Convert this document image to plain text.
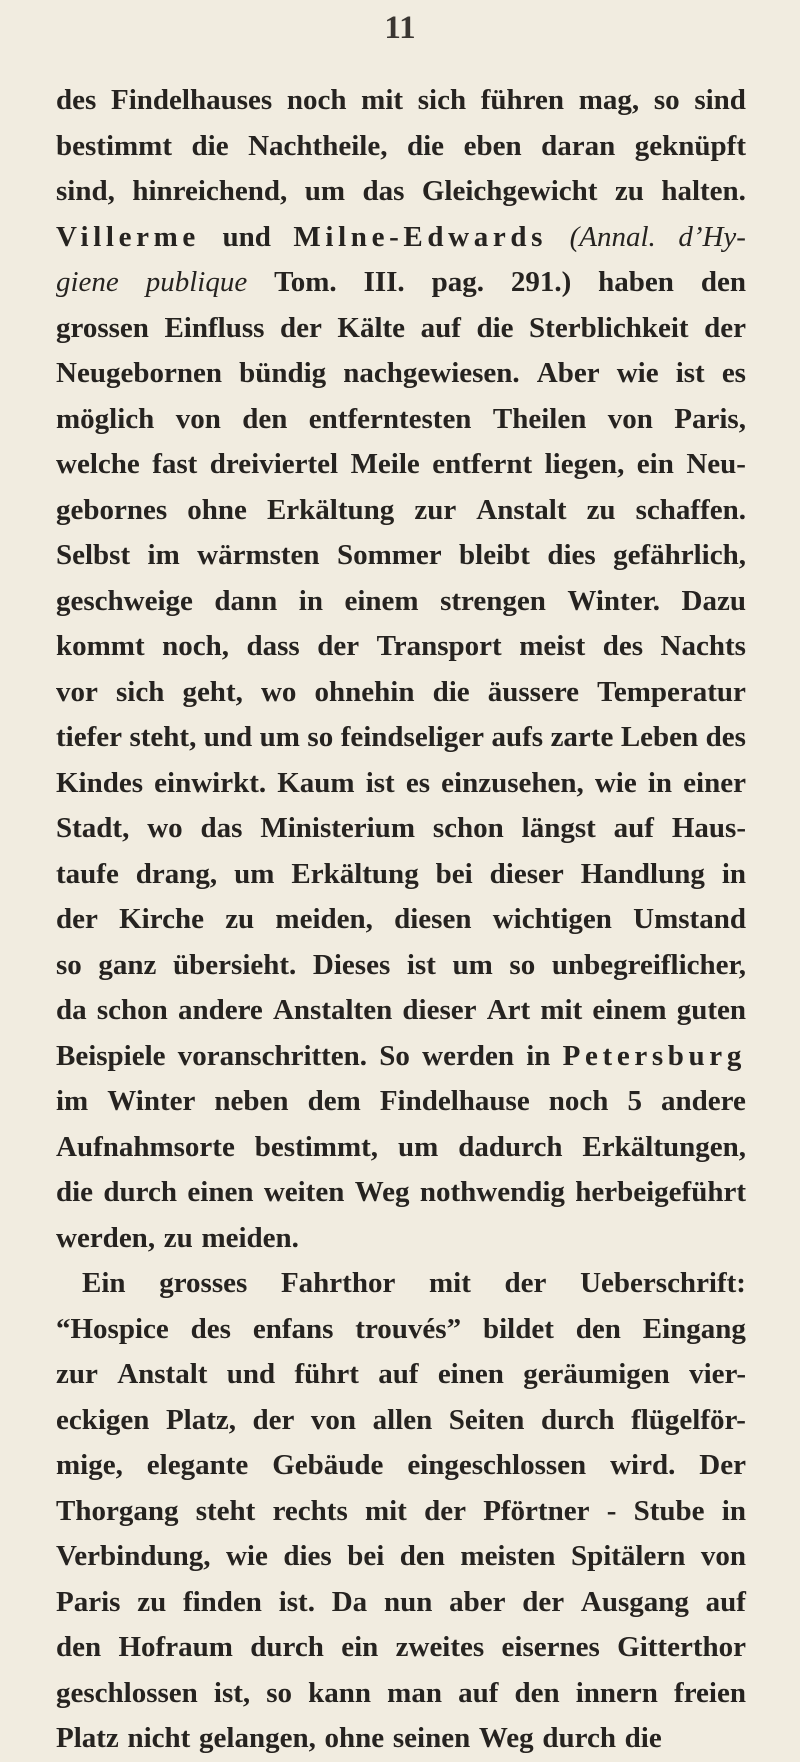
11
des Findelhauses noch mit sich führen mag, so sind
bestimmt die Nachtheile, die eben daran geknüpft
sind, hinreichend, um das Gleichgewicht zu halten.
Villerme und Milne-Edwards (Annal. d’Hy-
giene publique Tom. III. pag. 291.) haben den
grossen Einfluss der Kälte auf die Sterblichkeit der
Neugebornen bündig nachgewiesen. Aber wie ist es
möglich von den entferntesten Theilen von Paris,
welche fast dreiviertel Meile entfernt liegen, ein Neu-
gebornes ohne Erkältung zur Anstalt zu schaffen.
Selbst im wärmsten Sommer bleibt dies gefährlich,
geschweige dann in einem strengen Winter. Dazu
kommt noch, dass der Transport meist des Nachts
vor sich geht, wo ohnehin die äussere Temperatur
tiefer steht, und um so feindseliger aufs zarte Leben des
Kindes einwirkt. Kaum ist es einzusehen, wie in einer
Stadt, wo das Ministerium schon längst auf Haus-
taufe drang, um Erkältung bei dieser Handlung in
der Kirche zu meiden, diesen wichtigen Umstand
so ganz übersieht. Dieses ist um so unbegreiflicher,
da schon andere Anstalten dieser Art mit einem guten
Beispiele voranschritten. So werden in Petersburg
im Winter neben dem Findelhause noch 5 andere
Aufnahmsorte bestimmt, um dadurch Erkältungen,
die durch einen weiten Weg nothwendig herbeigeführt
werden, zu meiden.
Ein grosses Fahrthor mit der Ueberschrift:
“Hospice des enfans trouvés” bildet den Eingang
zur Anstalt und führt auf einen geräumigen vier-
eckigen Platz, der von allen Seiten durch flügelför-
mige, elegante Gebäude eingeschlossen wird. Der
Thorgang steht rechts mit der Pförtner - Stube in
Verbindung, wie dies bei den meisten Spitälern von
Paris zu finden ist. Da nun aber der Ausgang auf
den Hofraum durch ein zweites eisernes Gitterthor
geschlossen ist, so kann man auf den innern freien
Platz nicht gelangen, ohne seinen Weg durch die
